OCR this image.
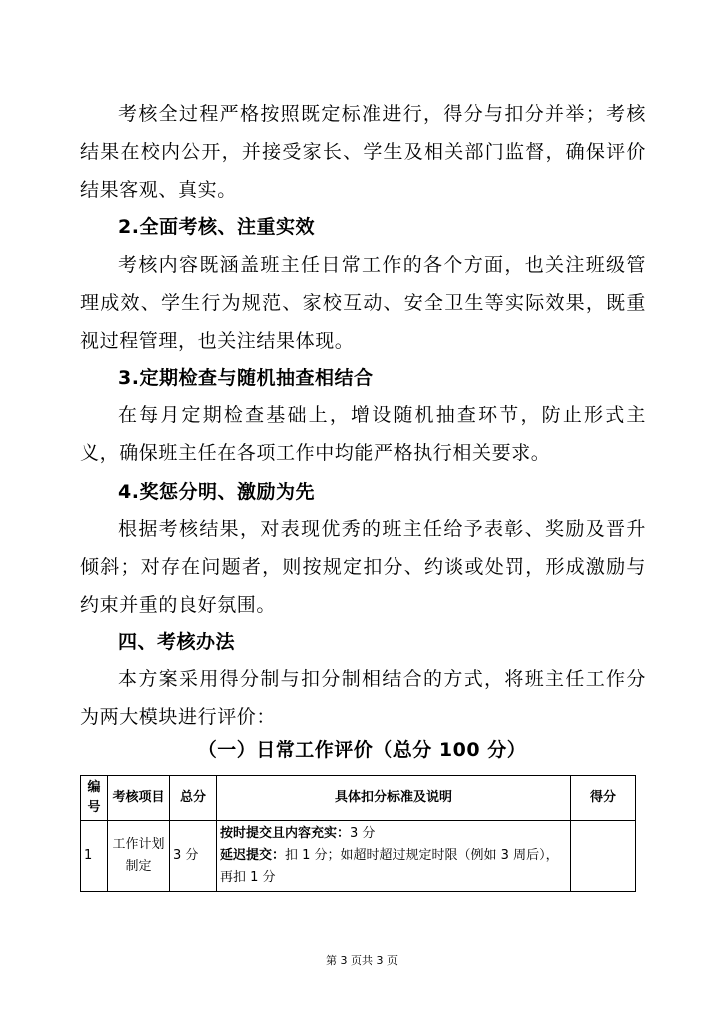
考核全过程严格按照既定标准进行，得分与扣分并举；考核结果在校内公开，并接受家长、学生及相关部门监督，确保评价结果客观、真实。

2.全面考核、注重实效

考核内容既涵盖班主任日常工作的各个方面，也关注班级管理成效、学生行为规范、家校互动、安全卫生等实际效果，既重视过程管理，也关注结果体现。

3.定期检查与随机抽查相结合

在每月定期检查基础上，增设随机抽查环节，防止形式主义，确保班主任在各项工作中均能严格执行相关要求。

4.奖惩分明、激励为先

根据考核结果，对表现优秀的班主任给予表彰、奖励及晋升倾斜；对存在问题者，则按规定扣分、约谈或处罚，形成激励与约束并重的良好氛围。

四、考核办法

本方案采用得分制与扣分制相结合的方式，将班主任工作分为两大模块进行评价：

（一）日常工作评价（总分 100 分）
编号	考核项目	总分	具体扣分标准及说明	得分
1	工作计划制定	3 分	按时提交且内容充实：3 分
延迟提交：扣 1 分；如超时超过规定时限（例如 3 周后），再扣 1 分	

第 3 页共 3 页
